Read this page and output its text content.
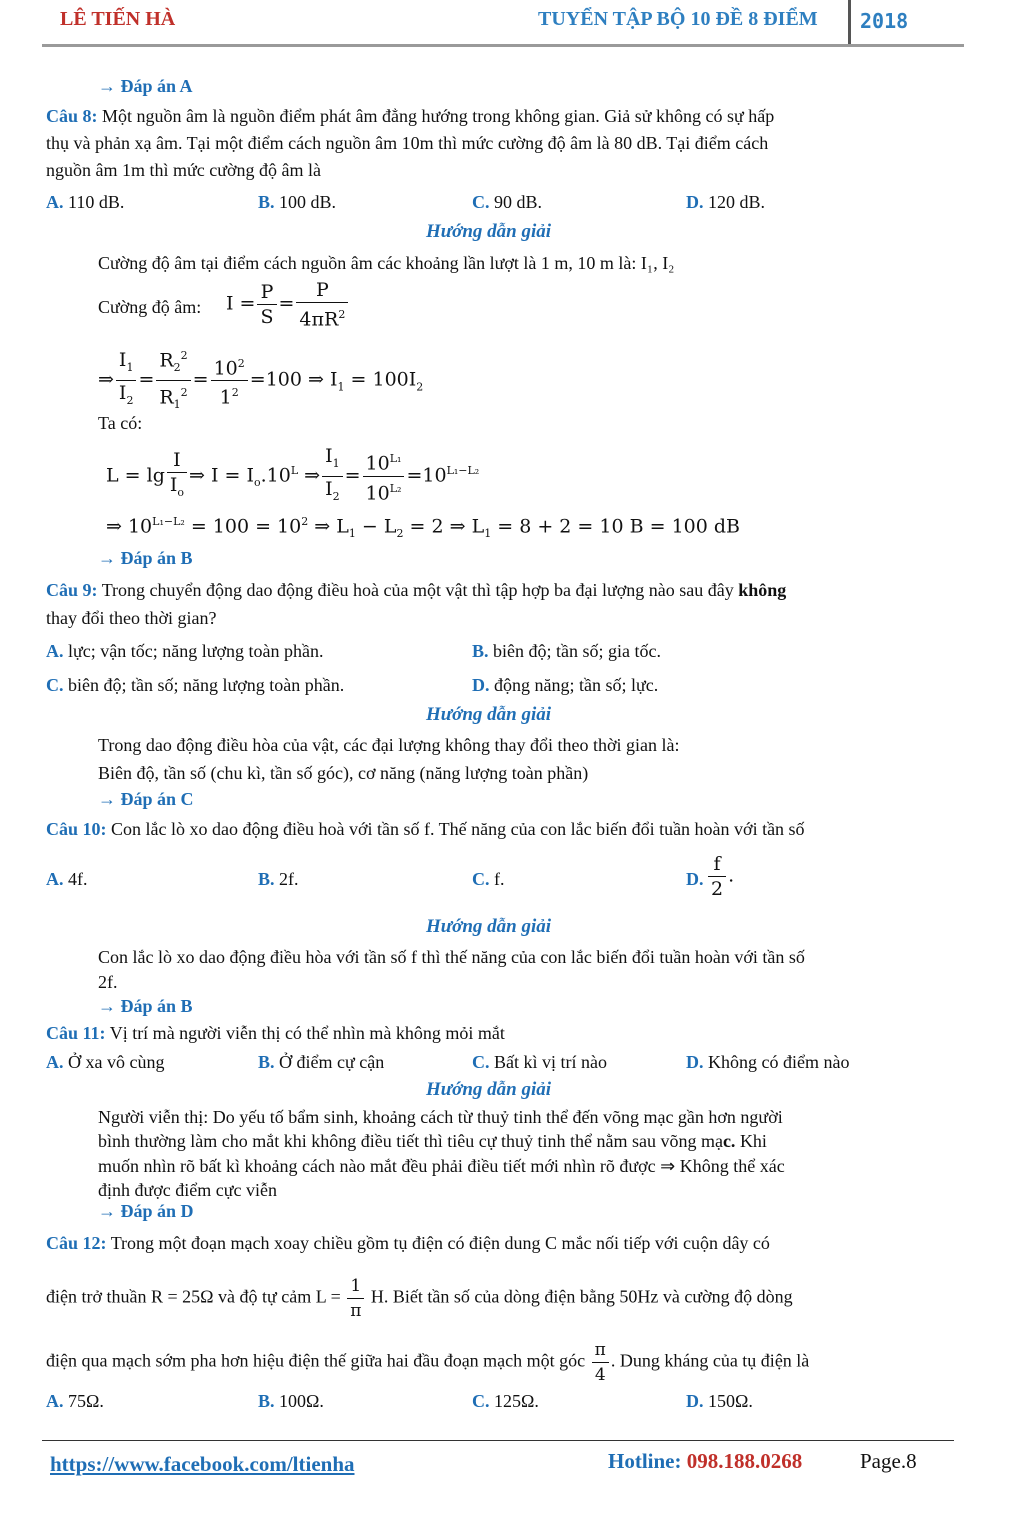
LÊ TIẾN HÀ	TUYỂN TẬP BỘ 10 ĐỀ 8 ĐIỂM 2018
→ Đáp án A
Câu 8: Một nguồn âm là nguồn điểm phát âm đẳng hướng trong không gian. Giả sử không có sự hấp
thụ và phản xạ âm. Tại một điểm cách nguồn âm 10m thì mức cường độ âm là 80 dB. Tại điểm cách
nguồn âm 1m thì mức cường độ âm là
A. 110 dB.	B. 100 dB.	C. 90 dB.	D. 120 dB.
Hướng dẫn giải
Cường độ âm tại điểm cách nguồn âm các khoảng lần lượt là 1 m, 10 m là: I₁, I₂
Cường độ âm: $I = \frac{P}{S} = \frac{P}{4\pi R^2}$
⇒ $\frac{I_1}{I_2} = \frac{R_2^2}{R_1^2} = \frac{10^2}{1^2} =100$ ⇒ $I_1 = 100I_2$
Ta có:
$L = \lg \frac{I}{I_o}$ ⇒ $I = I_o.10^L$ ⇒ $\frac{I_1}{I_2} = \frac{10^{L_1}}{10^{L_2}} =10^{L_1-L_2}$
⇒ $10^{L_1-L_2} = 100 = 10^2$ ⇒ $L_1 - L_2 = 2$ ⇒ $L_1 = 8 + 2 = 10$ B = 100 dB
→ Đáp án B
Câu 9: Trong chuyển động dao động điều hoà của một vật thì tập hợp ba đại lượng nào sau đây không
thay đổi theo thời gian?
A. lực; vận tốc; năng lượng toàn phần.	B. biên độ; tần số; gia tốc.
C. biên độ; tần số; năng lượng toàn phần.	D. động năng; tần số; lực.
Hướng dẫn giải
Trong dao động điều hòa của vật, các đại lượng không thay đổi theo thời gian là:
Biên độ, tần số (chu kì, tần số góc), cơ năng (năng lượng toàn phần)
→ Đáp án C
Câu 10: Con lắc lò xo dao động điều hoà với tần số f. Thế năng của con lắc biến đổi tuần hoàn với tần số
A. 4f.	B. 2f.	C. f.	D. $\frac{f}{2}$ .
Hướng dẫn giải
Con lắc lò xo dao động điều hòa với tần số f thì thế năng của con lắc biến đổi tuần hoàn với tần số
2f.
→ Đáp án B
Câu 11: Vị trí mà người viễn thị có thể nhìn mà không mỏi mắt
A. Ở xa vô cùng	B. Ở điểm cự cận	C. Bất kì vị trí nào	D. Không có điểm nào
Hướng dẫn giải
Người viễn thị: Do yếu tố bẩm sinh, khoảng cách từ thuỷ tinh thể đến võng mạc gần hơn người
bình thường làm cho mắt khi không điều tiết thì tiêu cự thuỷ tinh thể nằm sau võng mạc. Khi
muốn nhìn rõ bất kì khoảng cách nào mắt đều phải điều tiết mới nhìn rõ được ⇒ Không thể xác
định được điểm cực viễn
→ Đáp án D
Câu 12: Trong một đoạn mạch xoay chiều gồm tụ điện có điện dung C mắc nối tiếp với cuộn dây có
điện trở thuần R = 25Ω và độ tự cảm $L = \frac{1}{\pi} H$. Biết tần số của dòng điện bằng 50Hz và cường độ dòng
điện qua mạch sớm pha hơn hiệu điện thế giữa hai đầu đoạn mạch một góc $\frac{\pi}{4}$ . Dung kháng của tụ điện là
A. 75Ω.	B. 100Ω.	C. 125Ω.	D. 150Ω.
https://www.facebook.com/ltienha	Hotline: 098.188.0268	Page.8
